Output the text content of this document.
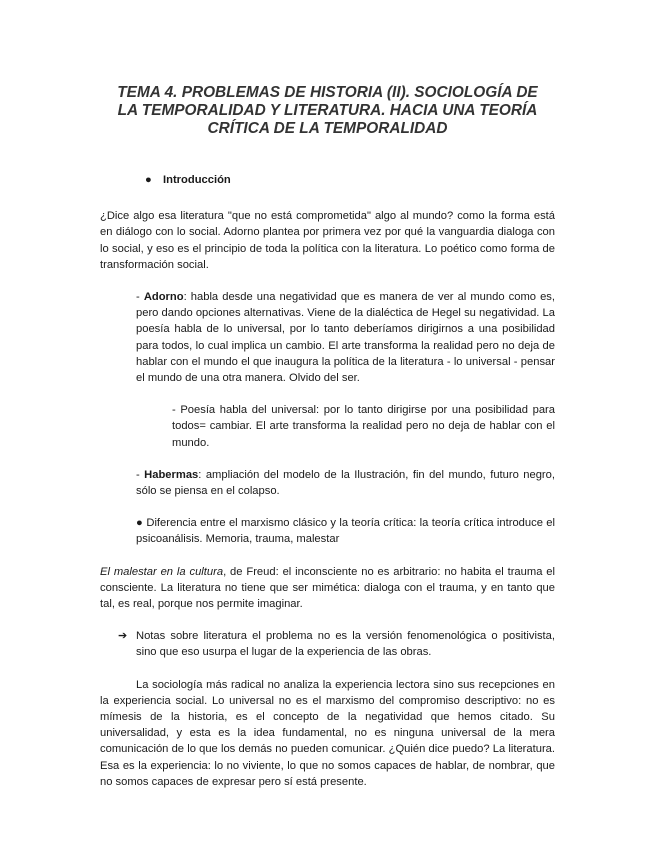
TEMA 4. PROBLEMAS DE HISTORIA (II). SOCIOLOGÍA DE LA TEMPORALIDAD Y LITERATURA. HACIA UNA TEORÍA CRÍTICA DE LA TEMPORALIDAD
●	Introducción

¿Dice algo esa literatura "que no está comprometida" algo al mundo? como la forma está en diálogo con lo social. Adorno plantea por primera vez por qué la vanguardia dialoga con lo social, y eso es el principio de toda la política con la literatura. Lo poético como forma de transformación social.

- Adorno: habla desde una negatividad que es manera de ver al mundo como es, pero dando opciones alternativas. Viene de la dialéctica de Hegel su negatividad. La poesía habla de lo universal, por lo tanto deberíamos dirigirnos a una posibilidad para todos, lo cual implica un cambio. El arte transforma la realidad pero no deja de hablar con el mundo el que inaugura la política de la literatura - lo universal - pensar el mundo de una otra manera. Olvido del ser.

- Poesía habla del universal: por lo tanto dirigirse por una posibilidad para todos= cambiar. El arte transforma la realidad pero no deja de hablar con el mundo.

- Habermas: ampliación del modelo de la Ilustración, fin del mundo, futuro negro, sólo se piensa en el colapso.

● Diferencia entre el marxismo clásico y la teoría crítica: la teoría crítica introduce el psicoanálisis. Memoria, trauma, malestar

El malestar en la cultura, de Freud: el inconsciente no es arbitrario: no habita el trauma el consciente. La literatura no tiene que ser mimética: dialoga con el trauma, y en tanto que tal, es real, porque nos permite imaginar.

➔ Notas sobre literatura el problema no es la versión fenomenológica o positivista, sino que eso usurpa el lugar de la experiencia de las obras.

La sociología más radical no analiza la experiencia lectora sino sus recepciones en la experiencia social. Lo universal no es el marxismo del compromiso descriptivo: no es mímesis de la historia, es el concepto de la negatividad que hemos citado. Su universalidad, y esta es la idea fundamental, no es ninguna universal de la mera comunicación de lo que los demás no pueden comunicar. ¿Quién dice puedo? La literatura. Esa es la experiencia: lo no viviente, lo que no somos capaces de hablar, de nombrar, que no somos capaces de expresar pero sí está presente.
